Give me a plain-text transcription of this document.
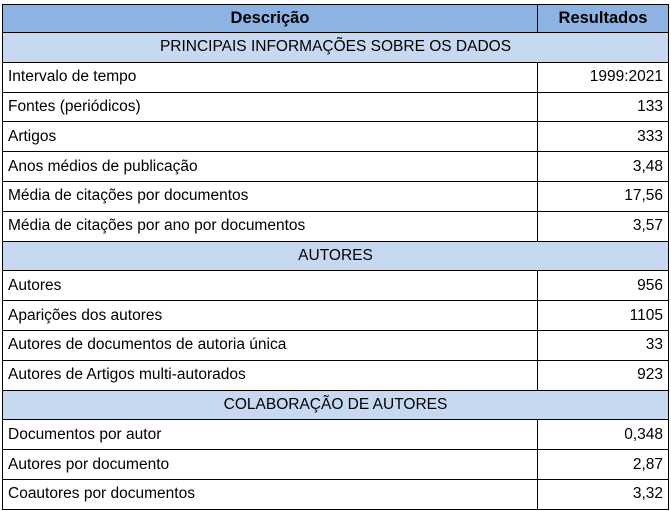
Descrição	Resultados
PRINCIPAIS INFORMAÇÕES SOBRE OS DADOS	
Intervalo de tempo	1999:2021
Fontes (periódicos)	133
Artigos	333
Anos médios de publicação	3,48
Média de citações por documentos	17,56
Média de citações por ano por documentos	3,57
AUTORES	
Autores	956
Aparições dos autores	1105
Autores de documentos de autoria única	33
Autores de Artigos multi-autorados	923
COLABORAÇÃO DE AUTORES	
Documentos por autor	0,348
Autores por documento	2,87
Coautores por documentos	3,32
